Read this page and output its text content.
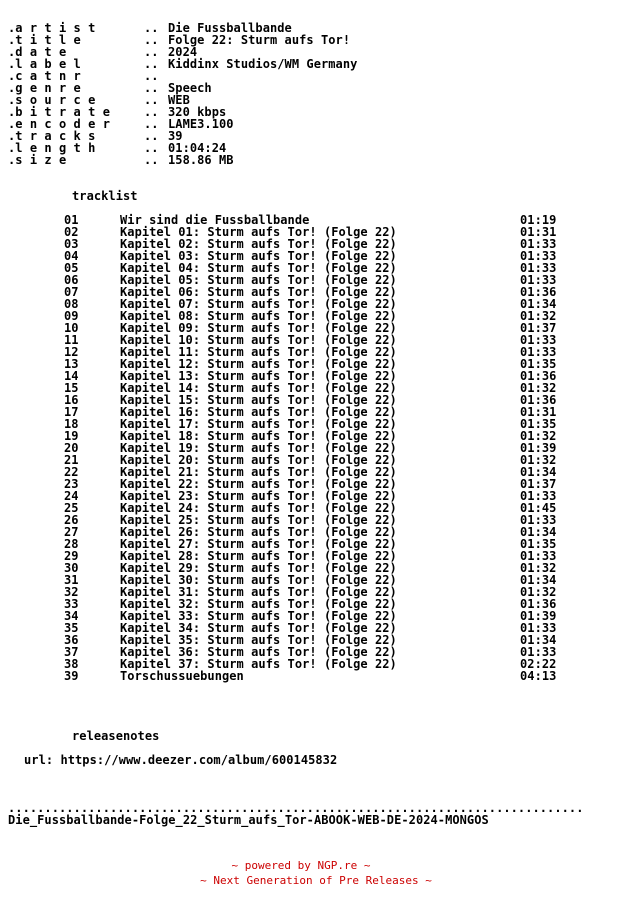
.a r t i s t	.. Die Fussballbande
.t i t l e	.. Folge 22: Sturm aufs Tor!
.d a t e	.. 2024
.l a b e l	.. Kiddinx Studios/WM Germany
.c a t n r	..
.g e n r e	.. Speech
.s o u r c e	.. WEB
.b i t r a t e	.. 320 kbps
.e n c o d e r	.. LAME3.100
.t r a c k s	.. 39
.l e n g t h	.. 01:04:24
.s i z e	.. 158.86 MB
tracklist
01	Wir sind die Fussballbande	01:19
02	Kapitel 01: Sturm aufs Tor! (Folge 22)	01:31
03	Kapitel 02: Sturm aufs Tor! (Folge 22)	01:33
04	Kapitel 03: Sturm aufs Tor! (Folge 22)	01:33
05	Kapitel 04: Sturm aufs Tor! (Folge 22)	01:33
06	Kapitel 05: Sturm aufs Tor! (Folge 22)	01:33
07	Kapitel 06: Sturm aufs Tor! (Folge 22)	01:36
08	Kapitel 07: Sturm aufs Tor! (Folge 22)	01:34
09	Kapitel 08: Sturm aufs Tor! (Folge 22)	01:32
10	Kapitel 09: Sturm aufs Tor! (Folge 22)	01:37
11	Kapitel 10: Sturm aufs Tor! (Folge 22)	01:33
12	Kapitel 11: Sturm aufs Tor! (Folge 22)	01:33
13	Kapitel 12: Sturm aufs Tor! (Folge 22)	01:35
14	Kapitel 13: Sturm aufs Tor! (Folge 22)	01:36
15	Kapitel 14: Sturm aufs Tor! (Folge 22)	01:32
16	Kapitel 15: Sturm aufs Tor! (Folge 22)	01:36
17	Kapitel 16: Sturm aufs Tor! (Folge 22)	01:31
18	Kapitel 17: Sturm aufs Tor! (Folge 22)	01:35
19	Kapitel 18: Sturm aufs Tor! (Folge 22)	01:32
20	Kapitel 19: Sturm aufs Tor! (Folge 22)	01:39
21	Kapitel 20: Sturm aufs Tor! (Folge 22)	01:32
22	Kapitel 21: Sturm aufs Tor! (Folge 22)	01:34
23	Kapitel 22: Sturm aufs Tor! (Folge 22)	01:37
24	Kapitel 23: Sturm aufs Tor! (Folge 22)	01:33
25	Kapitel 24: Sturm aufs Tor! (Folge 22)	01:45
26	Kapitel 25: Sturm aufs Tor! (Folge 22)	01:33
27	Kapitel 26: Sturm aufs Tor! (Folge 22)	01:34
28	Kapitel 27: Sturm aufs Tor! (Folge 22)	01:35
29	Kapitel 28: Sturm aufs Tor! (Folge 22)	01:33
30	Kapitel 29: Sturm aufs Tor! (Folge 22)	01:32
31	Kapitel 30: Sturm aufs Tor! (Folge 22)	01:34
32	Kapitel 31: Sturm aufs Tor! (Folge 22)	01:32
33	Kapitel 32: Sturm aufs Tor! (Folge 22)	01:36
34	Kapitel 33: Sturm aufs Tor! (Folge 22)	01:39
35	Kapitel 34: Sturm aufs Tor! (Folge 22)	01:33
36	Kapitel 35: Sturm aufs Tor! (Folge 22)	01:34
37	Kapitel 36: Sturm aufs Tor! (Folge 22)	01:33
38	Kapitel 37: Sturm aufs Tor! (Folge 22)	02:22
39	Torschussuebungen	04:13
releasenotes
url: https://www.deezer.com/album/600145832
...............................................................................
Die_Fussballbande-Folge_22_Sturm_aufs_Tor-ABOOK-WEB-DE-2024-MONGOS
~ powered by NGP.re ~
~ Next Generation of Pre Releases ~
